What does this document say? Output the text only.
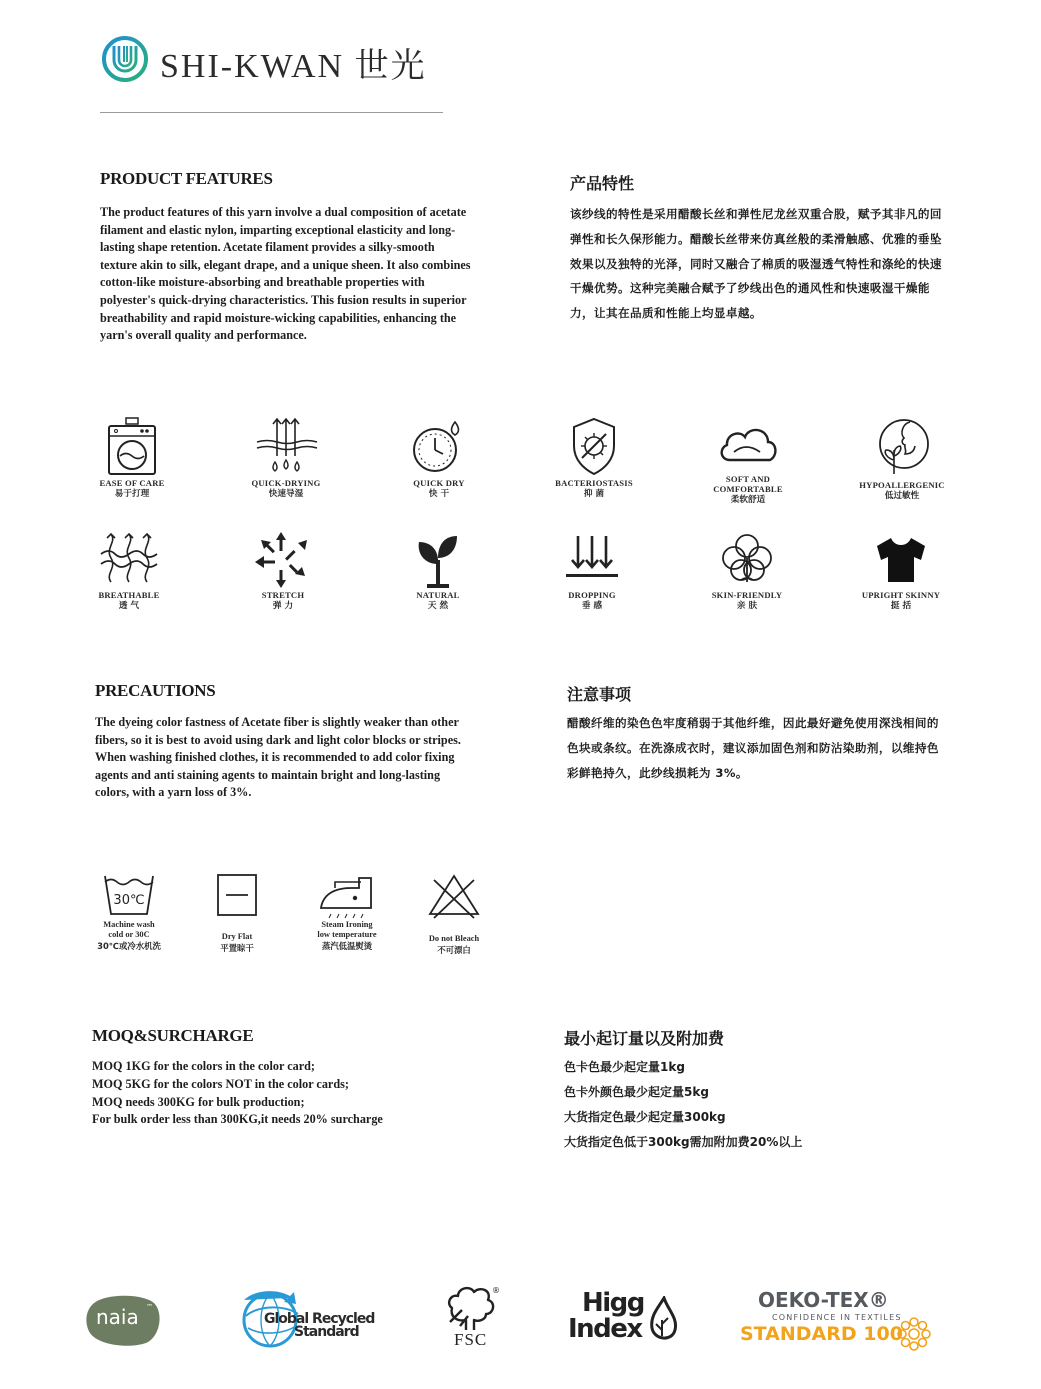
SHI-KWAN 世光
PRODUCT FEATURES
The product features of this yarn involve a dual composition of acetate filament and elastic nylon, imparting exceptional elasticity and long-lasting shape retention. Acetate filament provides a silky-smooth texture akin to silk, elegant drape, and a unique sheen. It also combines cotton-like moisture-absorbing and breathable properties with polyester's quick-drying characteristics. This fusion results in superior breathability and rapid moisture-wicking capabilities, enhancing the yarn's overall quality and performance.
产品特性
该纱线的特性是采用醋酸长丝和弹性尼龙丝双重合股，赋予其非凡的回弹性和长久保形能力。醋酸长丝带来仿真丝般的柔滑触感、优雅的垂坠效果以及独特的光泽，同时又融合了棉质的吸湿透气特性和涤纶的快速干燥优势。这种完美融合赋予了纱线出色的通风性和快速吸湿干燥能力，让其在品质和性能上均显卓越。
EASE OF CARE
易于打理
QUICK-DRYING
快速导湿
QUICK DRY
快 干
BACTERIOSTASIS
抑 菌
SOFT AND
COMFORTABLE
柔软舒适
HYPOALLERGENIC
低过敏性
BREATHABLE
透 气
STRETCH
弹 力
NATURAL
天 然
DROPPING
垂 感
SKIN-FRIENDLY
亲 肤
UPRIGHT SKINNY
挺 括
PRECAUTIONS
The dyeing color fastness of Acetate fiber is slightly weaker than other fibers, so it is best to avoid using dark and light color blocks or stripes. When washing finished clothes, it is recommended to add color fixing agents and anti staining agents to maintain bright and long-lasting colors, with a yarn loss of 3%.
注意事项
醋酸纤维的染色色牢度稍弱于其他纤维，因此最好避免使用深浅相间的色块或条纹。在洗涤成衣时，建议添加固色剂和防沾染助剂，以维持色彩鲜艳持久，此纱线损耗为 3%。
30℃
Machine wash
cold or 30C
30℃或冷水机洗
Dry Flat
平置晾干
Steam Ironing
low temperature
蒸汽低温熨烫
Do not Bleach
不可漂白
MOQ&SURCHARGE
MOQ 1KG for the colors in the color card;
MOQ 5KG for the colors NOT in the color cards;
MOQ needs 300KG for bulk production;
For bulk order less than 300KG,it needs 20% surcharge
最小起订量以及附加费
色卡色最少起定量1kg
色卡外颜色最少起定量5kg
大货指定色最少起定量300kg
大货指定色低于300kg需加附加费20%以上
naia ™
Global Recycled
Standard	FSC
®	Higg
Index
OEKO-TEX®
CONFIDENCE IN TEXTILES
STANDARD 100
